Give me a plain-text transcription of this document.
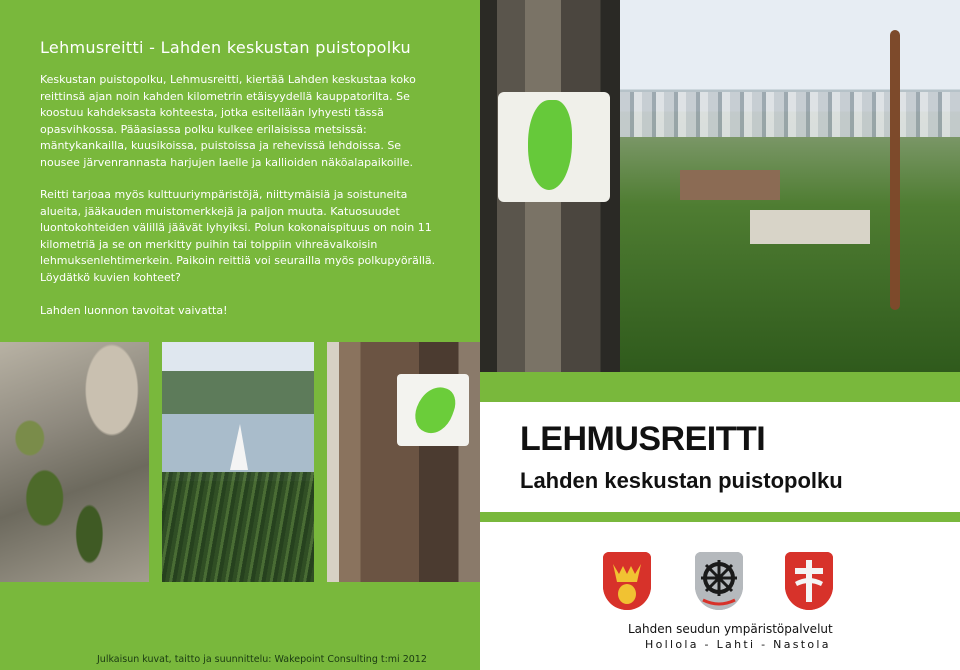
Lehmusreitti - Lahden keskustan puistopolku

Keskustan puistopolku, Lehmusreitti, kiertää Lahden keskustaa koko reittinsä ajan noin kahden kilometrin etäisyydellä kauppatorilta. Se koostuu kahdeksasta kohteesta, jotka esitellään lyhyesti tässä opasvihkossa. Pääasiassa polku kulkee erilaisissa metsissä: mäntykankailla, kuusikoissa, puistoissa ja rehevissä lehdoissa. Se nousee järvenrannasta harjujen laelle ja kallioiden näköalapaikoille.

Reitti tarjoaa myös kulttuuriympäristöjä, niittymäisiä ja soistuneita alueita, jääkauden muistomerkkejä ja paljon muuta. Katuosuudet luontokohteiden välillä jäävät lyhyiksi. Polun kokonaispituus on noin 11 kilometriä ja se on merkitty puihin tai tolppiin vihreävalkoisin lehmuksenlehtimerkein. Paikoin reittiä voi seurailla myös polkupyörällä. Löydätkö kuvien kohteet?

Lahden luonnon tavoitat vaivatta!

LEHMUSREITTI
Lahden keskustan puistopolku

Lahden seudun ympäristöpalvelut

Hollola - Lahti - Nastola

Julkaisun kuvat, taitto ja suunnittelu: Wakepoint Consulting t:mi 2012
